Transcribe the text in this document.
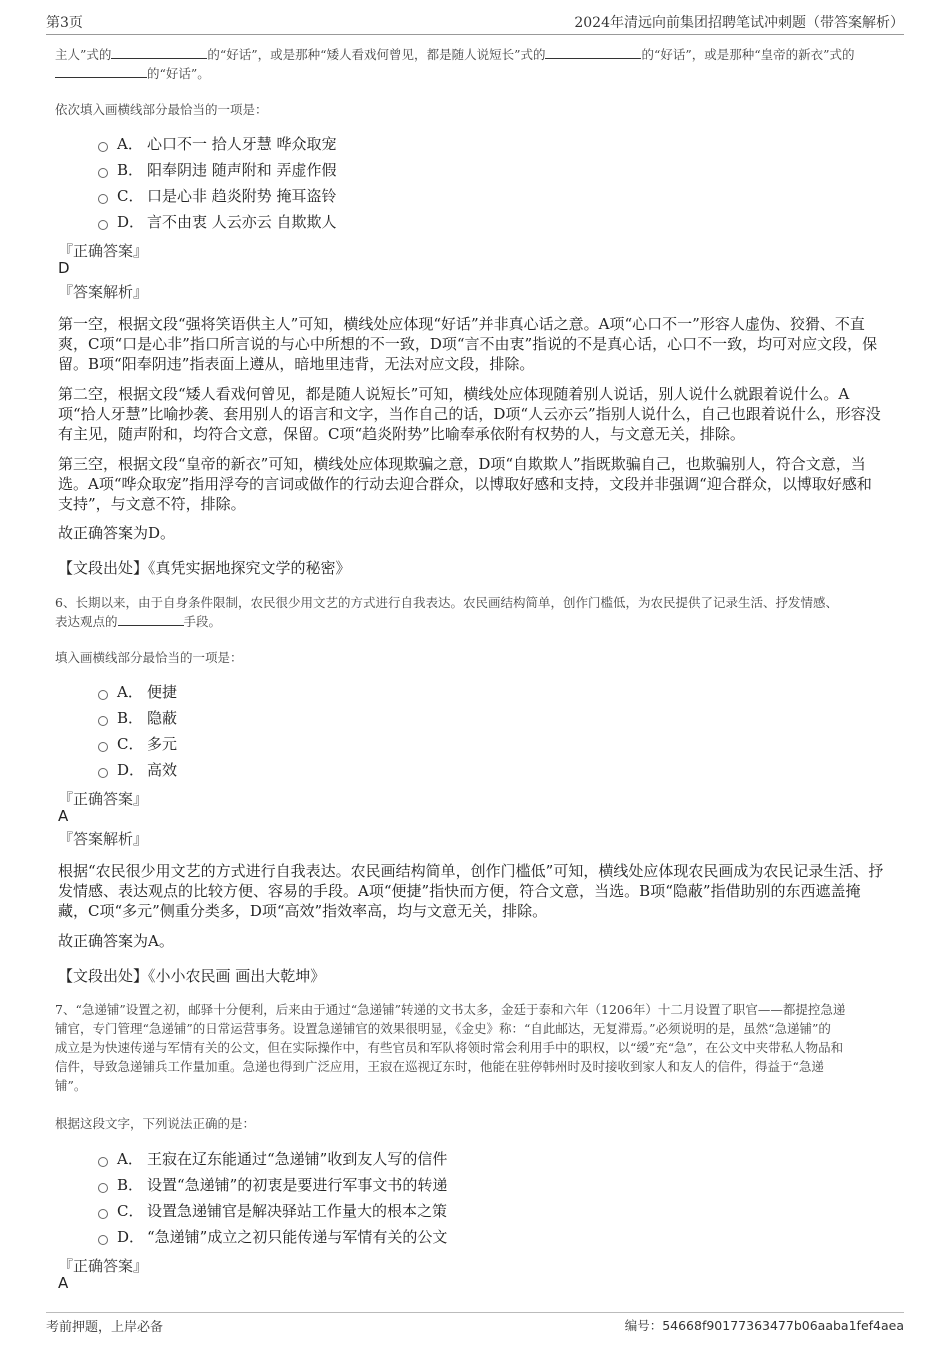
第3页	2024年清远向前集团招聘笔试冲刺题（带答案解析）
主人”式的	的“好话”，或是那种“矮人看戏何曾见，都是随人说短长”式的	的“好话”，或是那种“皇帝的新衣”式的
的“好话”。
依次填入画横线部分最恰当的一项是：
A． 心口不一 拾人牙慧 哗众取宠
B． 阳奉阴违 随声附和 弄虚作假
C． 口是心非 趋炎附势 掩耳盗铃
D． 言不由衷 人云亦云 自欺欺人
『正确答案』
D
『答案解析』
第一空，根据文段“强将笑语供主人”可知，横线处应体现“好话”并非真心话之意。A项“心口不一”形容人虚伪、狡猾、不直爽，C项“口是心非”指口所言说的与心中所想的不一致，D项“言不由衷”指说的不是真心话，心口不一致，均可对应文段，保留。B项“阳奉阴违”指表面上遵从，暗地里违背，无法对应文段，排除。
第二空，根据文段“矮人看戏何曾见，都是随人说短长”可知，横线处应体现随着别人说话，别人说什么就跟着说什么。A项“拾人牙慧”比喻抄袭、套用别人的语言和文字，当作自己的话，D项“人云亦云”指别人说什么，自己也跟着说什么，形容没有主见，随声附和，均符合文意，保留。C项“趋炎附势”比喻奉承依附有权势的人，与文意无关，排除。
第三空，根据文段“皇帝的新衣”可知，横线处应体现欺骗之意，D项“自欺欺人”指既欺骗自己，也欺骗别人，符合文意，当选。A项“哗众取宠”指用浮夸的言词或做作的行动去迎合群众，以博取好感和支持，文段并非强调“迎合群众，以博取好感和支持”，与文意不符，排除。
故正确答案为D。
【文段出处】《真凭实据地探究文学的秘密》
6、长期以来，由于自身条件限制，农民很少用文艺的方式进行自我表达。农民画结构简单，创作门槛低，为农民提供了记录生活、抒发情感、
表达观点的	手段。
填入画横线部分最恰当的一项是：
A． 便捷
B． 隐蔽
C． 多元
D． 高效
『正确答案』
A
『答案解析』
根据“农民很少用文艺的方式进行自我表达。农民画结构简单，创作门槛低”可知，横线处应体现农民画成为农民记录生活、抒发情感、表达观点的比较方便、容易的手段。A项“便捷”指快而方便，符合文意，当选。B项“隐蔽”指借助别的东西遮盖掩藏，C项“多元”侧重分类多，D项“高效”指效率高，均与文意无关，排除。
故正确答案为A。
【文段出处】《小小农民画 画出大乾坤》
7、“急递铺”设置之初，邮驿十分便利，后来由于通过“急递铺”转递的文书太多，金廷于泰和六年（1206年）十二月设置了职官——都提控急递
铺官，专门管理“急递铺”的日常运营事务。设置急递铺官的效果很明显，《金史》称：“自此邮达，无复滞焉。”必须说明的是，虽然“急递铺”的
成立是为快速传递与军情有关的公文，但在实际操作中，有些官员和军队将领时常会利用手中的职权，以“缓”充“急”，在公文中夹带私人物品和
信件，导致急递铺兵工作量加重。急递也得到广泛应用，王寂在巡视辽东时，他能在驻停韩州时及时接收到家人和友人的信件，得益于“急递
铺”。
根据这段文字，下列说法正确的是：
A． 王寂在辽东能通过“急递铺”收到友人写的信件
B． 设置“急递铺”的初衷是要进行军事文书的转递
C． 设置急递铺官是解决驿站工作量大的根本之策
D． “急递铺”成立之初只能传递与军情有关的公文
『正确答案』
A
考前押题，上岸必备	编号：54668f90177363477b06aaba1fef4aea
